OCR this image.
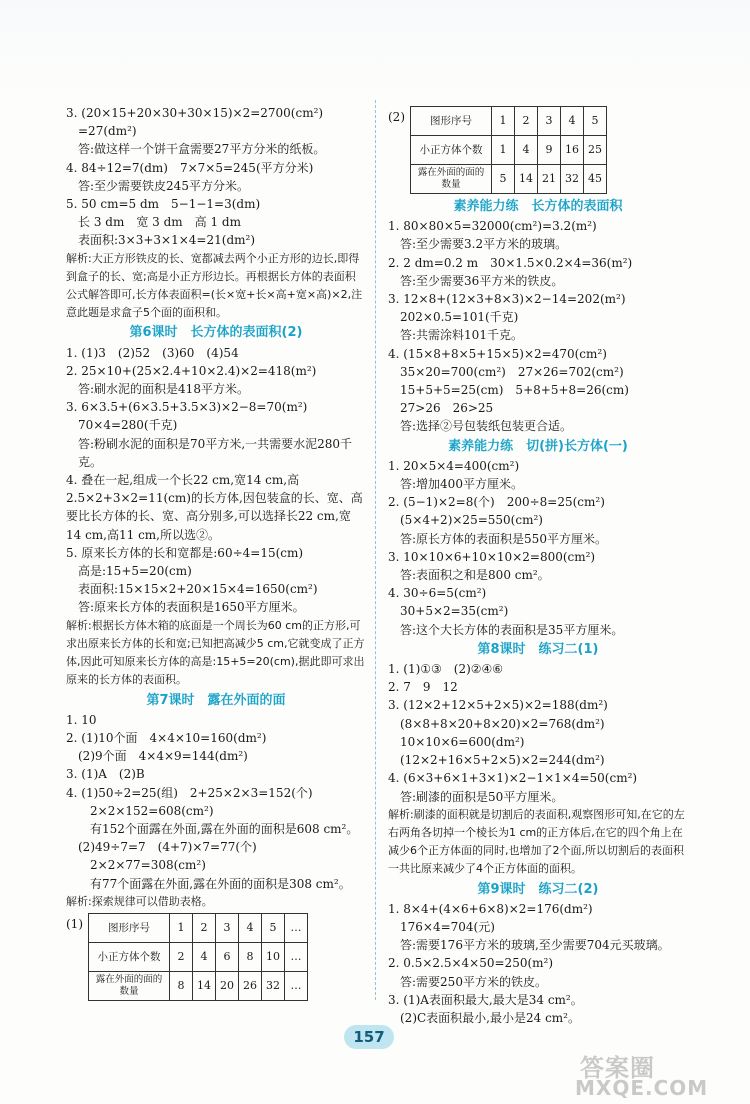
3. (20×15+20×30+30×15)×2=2700(cm²)
=27(dm²)
答:做这样一个饼干盒需要27平方分米的纸板。
4. 84÷12=7(dm)　7×7×5=245(平方分米)
答:至少需要铁皮245平方分米。
5. 50 cm=5 dm　5−1−1=3(dm)
长 3 dm　宽 3 dm　高 1 dm
表面积:3×3+3×1×4=21(dm²)
解析:大正方形铁皮的长、宽都减去两个小正方形的边长,即得到盒子的长、宽;高是小正方形边长。再根据长方体的表面积公式解答即可,长方体表面积=(长×宽+长×高+宽×高)×2,注意此题是求盒子5个面的面积和。
第6课时　长方体的表面积(2)
1. (1)3　(2)52　(3)60　(4)54
2. 25×10+(25×2.4+10×2.4)×2=418(m²)
答:刷水泥的面积是418平方米。
3. 6×3.5+(6×3.5+3.5×3)×2−8=70(m²)
70×4=280(千克)
答:粉刷水泥的面积是70平方米,一共需要水泥280千克。
4. 叠在一起,组成一个长22 cm,宽14 cm,高2.5×2+3×2=11(cm)的长方体,因包装盒的长、宽、高要比长方体的长、宽、高分别多,可以选择长22 cm,宽14 cm,高11 cm,所以选②。
5. 原来长方体的长和宽都是:60÷4=15(cm)
高是:15+5=20(cm)
表面积:15×15×2+20×15×4=1650(cm²)
答:原来长方体的表面积是1650平方厘米。
解析:根据长方体木箱的底面是一个周长为60 cm的正方形,可求出原来长方体的长和宽;已知把高减少5 cm,它就变成了正方体,因此可知原来长方体的高是:15+5=20(cm),据此即可求出原来的长方体的表面积。
第7课时　露在外面的面
1. 10
2. (1)10个面　4×4×10=160(dm²)
(2)9个面　4×4×9=144(dm²)
3. (1)A　(2)B
4. (1)50÷2=25(组)　2+25×2×3=152(个)
2×2×152=608(cm²)
有152个面露在外面,露在外面的面积是608 cm²。
(2)49÷7=7　(4+7)×7=77(个)
2×2×77=308(cm²)
有77个面露在外面,露在外面的面积是308 cm²。
解析:探索规律可以借助表格。
(1)	图形序号	1	2	3	4	5	…
小正方体个数	2	4	6	8	10	…
露在外面的面的数量	8	14	20	26	32	…
(2)	图形序号	1	2	3	4	5
小正方体个数	1	4	9	16	25
露在外面的面的数量	5	14	21	32	45
素养能力练　长方体的表面积
1. 80×80×5=32000(cm²)=3.2(m²)
答:至少需要3.2平方米的玻璃。
2. 2 dm=0.2 m　30×1.5×0.2×4=36(m²)
答:至少需要36平方米的铁皮。
3. 12×8+(12×3+8×3)×2−14=202(m²)
202×0.5=101(千克)
答:共需涂料101千克。
4. (15×8+8×5+15×5)×2=470(cm²)
35×20=700(cm²)　27×26=702(cm²)
15+5+5=25(cm)　5+8+5+8=26(cm)
27>26　26>25
答:选择②号包装纸包装更合适。
素养能力练　切(拼)长方体(一)
1. 20×5×4=400(cm²)
答:增加400平方厘米。
2. (5−1)×2=8(个)　200÷8=25(cm²)
(5×4+2)×25=550(cm²)
答:原长方体的表面积是550平方厘米。
3. 10×10×6+10×10×2=800(cm²)
答:表面积之和是800 cm²。
4. 30÷6=5(cm²)
30+5×2=35(cm²)
答:这个大长方体的表面积是35平方厘米。
第8课时　练习二(1)
1. (1)①③　(2)②④⑥
2. 7　9　12
3. (12×2+12×5+2×5)×2=188(dm²)
(8×8+8×20+8×20)×2=768(dm²)
10×10×6=600(dm²)
(12×2+16×5+2×5)×2=244(dm²)
4. (6×3+6×1+3×1)×2−1×1×4=50(cm²)
答:刷漆的面积是50平方厘米。
解析:刷漆的面积就是切割后的表面积,观察图形可知,在它的左右两角各切掉一个棱长为1 cm的正方体后,在它的四个角上在减少6个正方体面的同时,也增加了2个面,所以切割后的表面积一共比原来减少了4个正方体面的面积。
第9课时　练习二(2)
1. 8×4+(4×6+6×8)×2=176(dm²)
176×4=704(元)
答:需要176平方米的玻璃,至少需要704元买玻璃。
2. 0.5×2.5×4×50=250(m²)
答:需要250平方米的铁皮。
3. (1)A表面积最大,最大是34 cm²。
(2)C表面积最小,最小是24 cm²。
157
答案圈
MXQE.COM
